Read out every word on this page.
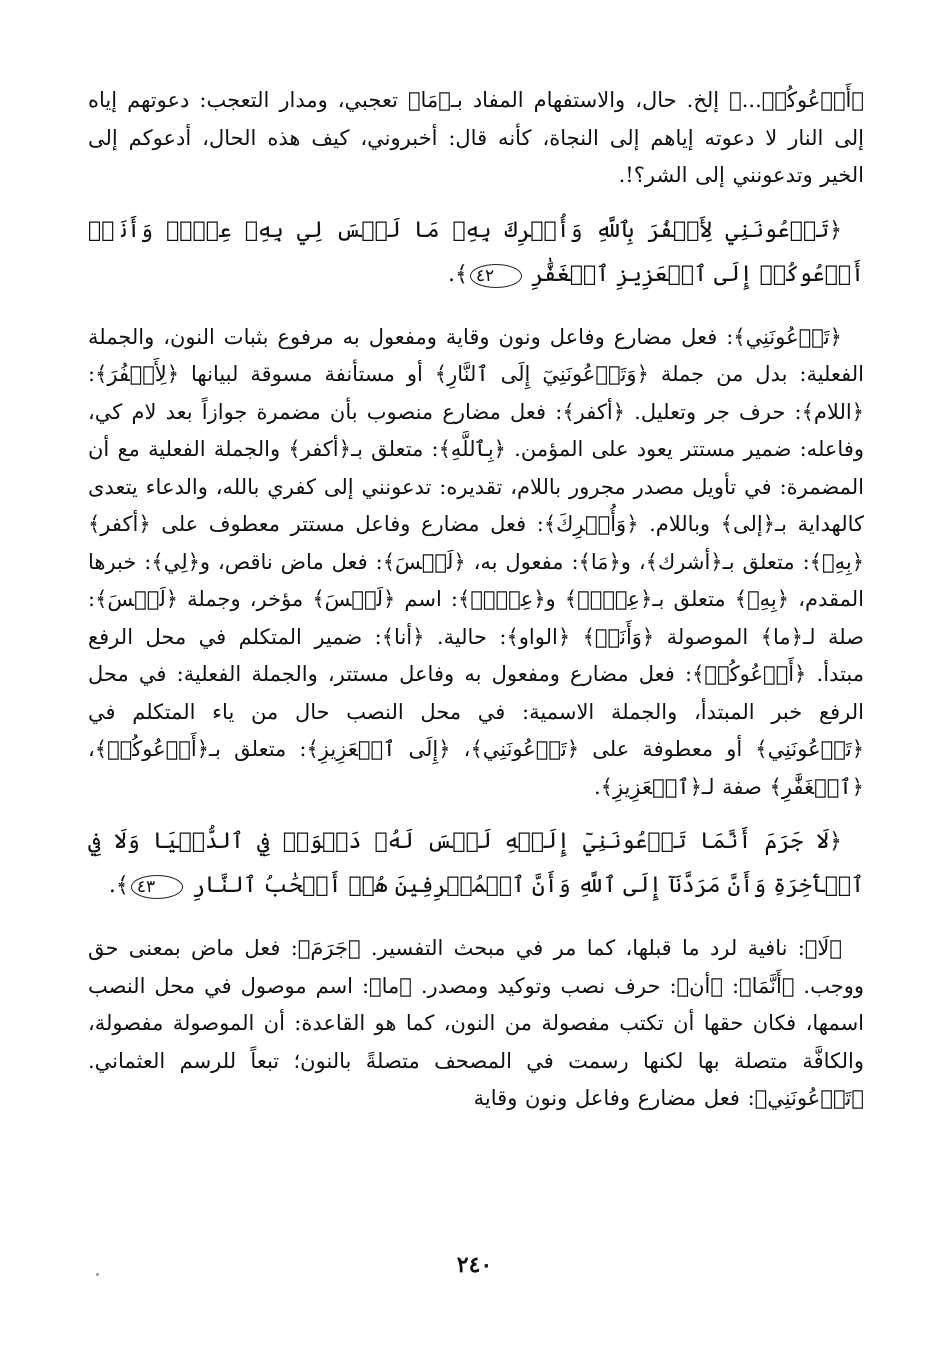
﴿أَدۡعُوكُمۡ...﴾ إلخ. حال، والاستفهام المفاد بـ﴿مَا﴾ تعجبي، ومدار التعجب: دعوتهم إياه إلى النار لا دعوته إياهم إلى النجاة، كأنه قال: أخبروني، كيف هذه الحال، أدعوكم إلى الخير وتدعونني إلى الشر؟!.

﴿تَدۡعُونَنِي لِأَكۡفُرَ بِٱللَّهِ وَأُشۡرِكَ بِهِۦ مَا لَيۡسَ لِي بِهِۦ عِلۡمٞ وَأَنَا۠ أَدۡعُوكُمۡ إِلَى ٱلۡعَزِيزِ ٱلۡغَفَّٰرِ ٤٢﴾.

﴿تَدۡعُونَنِي﴾: فعل مضارع وفاعل ونون وقاية ومفعول به مرفوع بثبات النون، والجملة الفعلية: بدل من جملة ﴿وَتَدۡعُونَنِيٓ إِلَى ٱلنَّارِ﴾ أو مستأنفة مسوقة لبيانها ﴿لِأَكۡفُرَ﴾: ﴿اللام﴾: حرف جر وتعليل. ﴿أكفر﴾: فعل مضارع منصوب بأن مضمرة جوازاً بعد لام كي، وفاعله: ضمير مستتر يعود على المؤمن. ﴿بِٱللَّهِ﴾: متعلق بـ﴿أكفر﴾ والجملة الفعلية مع أن المضمرة: في تأويل مصدر مجرور باللام، تقديره: تدعونني إلى كفري بالله، والدعاء يتعدى كالهداية بـ﴿إلى﴾ وباللام. ﴿وَأُشۡرِكَ﴾: فعل مضارع وفاعل مستتر معطوف على ﴿أكفر﴾ ﴿بِهِۦ﴾: متعلق بـ﴿أشرك﴾، و﴿مَا﴾: مفعول به، ﴿لَيۡسَ﴾: فعل ماض ناقص، و﴿لِي﴾: خبرها المقدم، ﴿بِهِۦ﴾ متعلق بـ﴿عِلۡمٞ﴾ و﴿عِلۡمٞ﴾: اسم ﴿لَيۡسَ﴾ مؤخر، وجملة ﴿لَيۡسَ﴾: صلة لـ﴿ما﴾ الموصولة ﴿وَأَنَا۠﴾ ﴿الواو﴾: حالية. ﴿أنا﴾: ضمير المتكلم في محل الرفع مبتدأ. ﴿أَدۡعُوكُمۡ﴾: فعل مضارع ومفعول به وفاعل مستتر، والجملة الفعلية: في محل الرفع خبر المبتدأ، والجملة الاسمية: في محل النصب حال من ياء المتكلم في ﴿تَدۡعُونَنِي﴾ أو معطوفة على ﴿تَدۡعُونَنِي﴾، ﴿إِلَى ٱلۡعَزِيزِ﴾: متعلق بـ﴿أَدۡعُوكُمۡ﴾، ﴿ٱلۡغَفَّٰرِ﴾ صفة لـ﴿ٱلۡعَزِيزِ﴾.

﴿لَا جَرَمَ أَنَّمَا تَدۡعُونَنِيٓ إِلَيۡهِ لَيۡسَ لَهُۥ دَعۡوَةٞ فِي ٱلدُّنۡيَا وَلَا فِي ٱلۡأٓخِرَةِ وَأَنَّ مَرَدَّنَآ إِلَى ٱللَّهِ وَأَنَّ ٱلۡمُسۡرِفِينَ هُمۡ أَصۡحَٰبُ ٱلنَّارِ ٤٣﴾.

﴿لَا﴾: نافية لرد ما قبلها، كما مر في مبحث التفسير. ﴿جَرَمَ﴾: فعل ماض بمعنى حق ووجب. ﴿أَنَّمَا﴾: ﴿أن﴾: حرف نصب وتوكيد ومصدر. ﴿ما﴾: اسم موصول في محل النصب اسمها، فكان حقها أن تكتب مفصولة من النون، كما هو القاعدة: أن الموصولة مفصولة، والكافَّة متصلة بها لكنها رسمت في المصحف متصلةً بالنون؛ تبعاً للرسم العثماني. ﴿تَدۡعُونَنِي﴾: فعل مضارع وفاعل ونون وقاية

٢٤٠
